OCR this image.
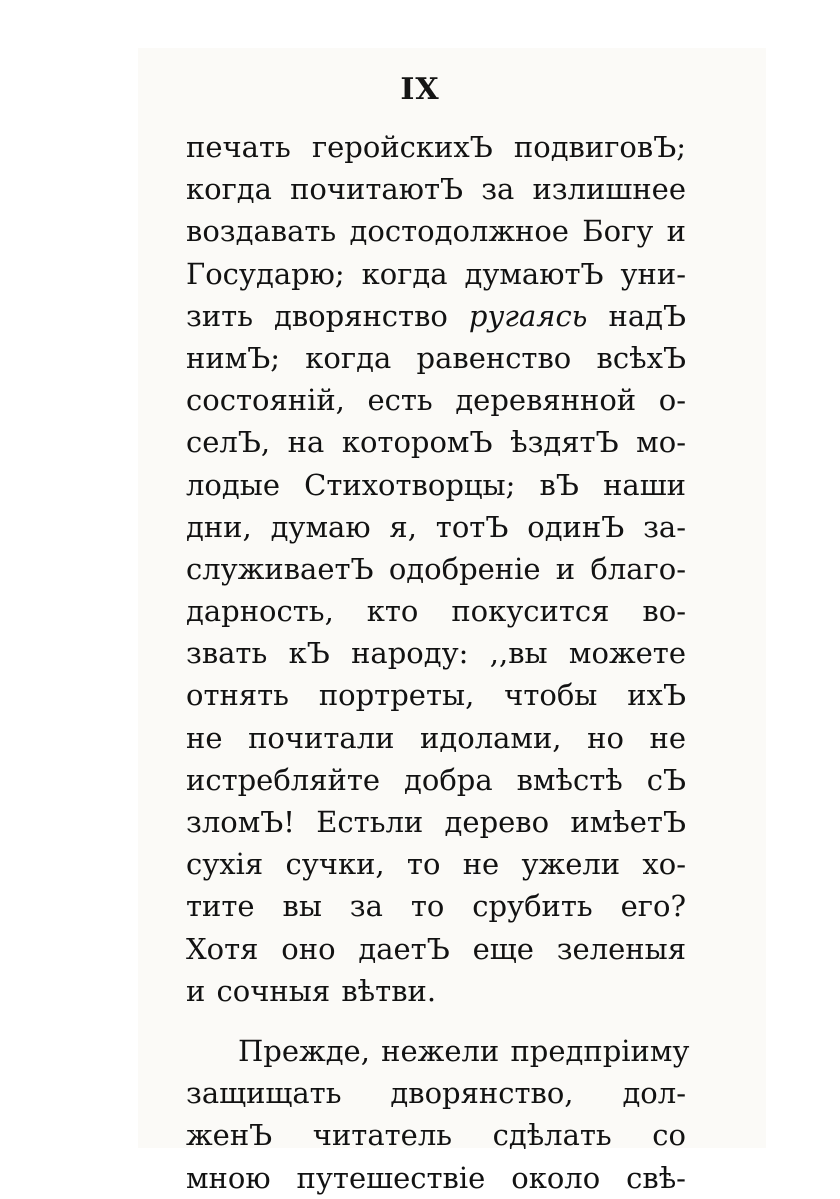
IX
печать геройскихЪ подвиговЪ;
когда почитаютЪ за излишнее
воздавать достодолжное Богу и
Государю; когда думаютЪ уни-
зить дворянство ругаясь надЪ
нимЪ; когда равенство всѣхЪ
состояній, есть деревянной о-
селЪ, на которомЪ ѣздятЪ мо-
лодые Стихотворцы; вЪ наши
дни, думаю я, тотЪ одинЪ за-
служиваетЪ одобреніе и благо-
дарность, кто покусится во-
звать кЪ народу: ,,вы можете
отнять портреты, чтобы ихЪ
не почитали идолами, но не
истребляйте добра вмѣстѣ сЪ
зломЪ! Естьли дерево имѣетЪ
сухія сучки, то не ужели хо-
тите вы за то срубить его?
Хотя оно даетЪ еще зеленыя
и сочныя вѣтви.
Прежде, нежели предпріиму
защищать дворянство, дол-
женЪ читатель сдѣлать со
мною путешествіе около свѣ-
